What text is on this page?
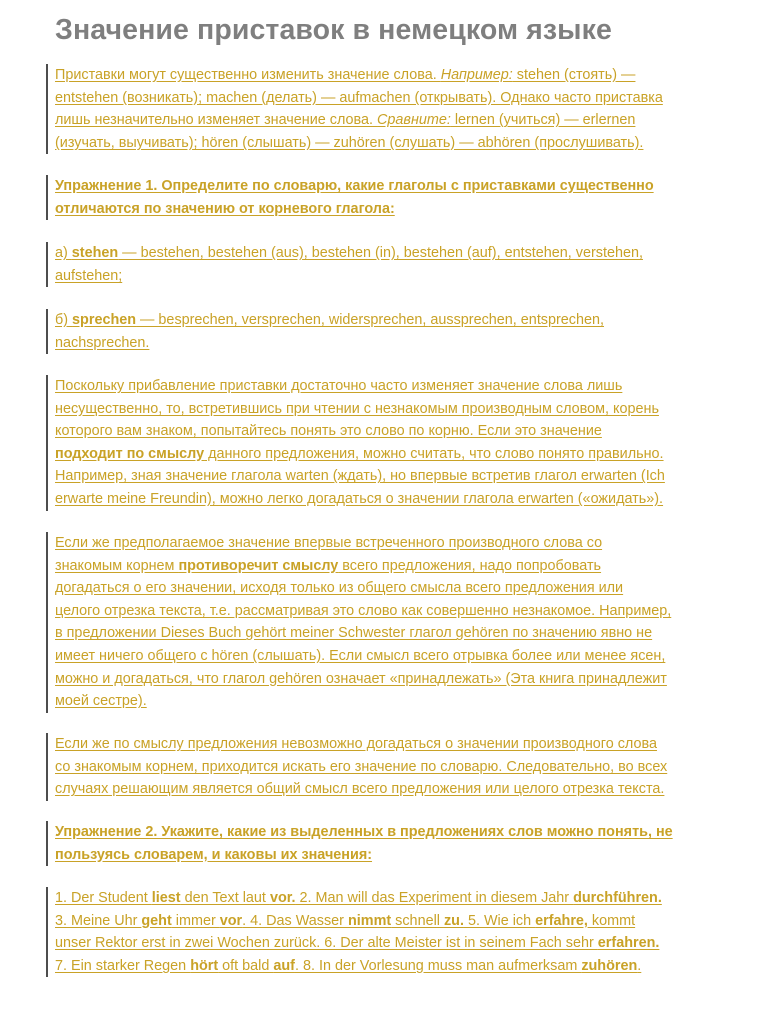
Значение приставок в немецком языке
Приставки могут существенно изменить значение слова. Например: stehen (стоять) —
entstehen (возникать); machen (делать) — aufmachen (открывать). Однако часто приставка
лишь незначительно изменяет значение слова. Сравните: lernen (учиться) — erlernen
(изучать, выучивать); hören (слышать) — zuhören (слушать) — abhören (прослушивать).
Упражнение 1. Определите по словарю, какие глаголы с приставками существенно
отличаются по значению от корневого глагола:
а) stehen — bestehen, bestehen (aus), bestehen (in), bestehen (auf), entstehen, verstehen,
aufstehen;
б) sprechen — besprechen, versprechen, widersprechen, aussprechen, entsprechen,
nachsprechen.
Поскольку прибавление приставки достаточно часто изменяет значение слова лишь
несущественно, то, встретившись при чтении с незнакомым производным словом, корень
которого вам знаком, попытайтесь понять это слово по корню. Если это значение
подходит по смыслу данного предложения, можно считать, что слово понято правильно.
Например, зная значение глагола warten (ждать), но впервые встретив глагол erwarten (Ich
erwarte meine Freundin), можно легко догадаться о значении глагола erwarten («ожидать»).
Если же предполагаемое значение впервые встреченного производного слова со
знакомым корнем противоречит смыслу всего предложения, надо попробовать
догадаться о его значении, исходя только из общего смысла всего предложения или
целого отрезка текста, т.е. рассматривая это слово как совершенно незнакомое. Например,
в предложении Dieses Buch gehört meiner Schwester глагол gehören по значению явно не
имеет ничего общего с hören (слышать). Если смысл всего отрывка более или менее ясен,
можно и догадаться, что глагол gehören означает «принадлежать» (Эта книга принадлежит
моей сестре).
Если же по смыслу предложения невозможно догадаться о значении производного слова
со знакомым корнем, приходится искать его значение по словарю. Следовательно, во всех
случаях решающим является общий смысл всего предложения или целого отрезка текста.
Упражнение 2. Укажите, какие из выделенных в предложениях слов можно понять, не
пользуясь словарем, и каковы их значения:
1. Der Student liest den Text laut vor. 2. Man will das Experiment in diesem Jahr durchführen.
3. Meine Uhr geht immer vor. 4. Das Wasser nimmt schnell zu. 5. Wie ich erfahre, kommt
unser Rektor erst in zwei Wochen zurück. 6. Der alte Meister ist in seinem Fach sehr erfahren.
7. Ein starker Regen hört oft bald auf. 8. In der Vorlesung muss man aufmerksam zuhören.
